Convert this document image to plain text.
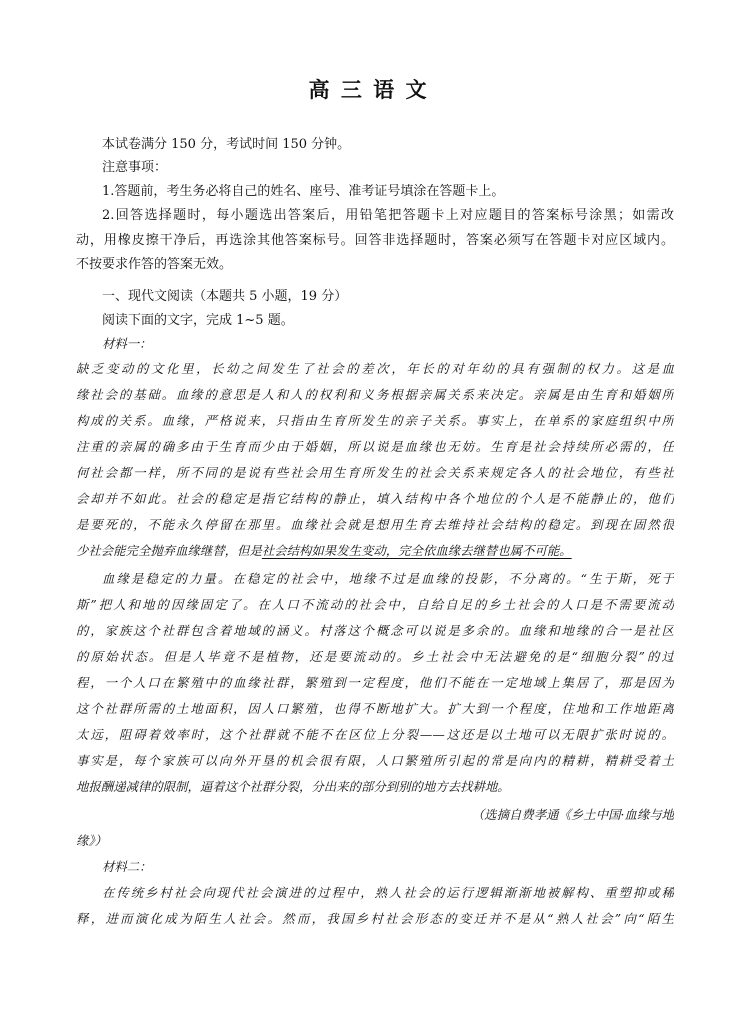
高 三 语 文
本试卷满分 150 分，考试时间 150 分钟。
注意事项：
1.答题前，考生务必将自己的姓名、座号、准考证号填涂在答题卡上。
2.回答选择题时，每小题选出答案后，用铅笔把答题卡上对应题目的答案标号涂黑；如需改
动，用橡皮擦干净后，再选涂其他答案标号。回答非选择题时，答案必须写在答题卡对应区域内。
不按要求作答的答案无效。
一、现代文阅读（本题共 5 小题，19 分）
阅读下面的文字，完成 1~5 题。
材料一：
缺乏变动的文化里，长幼之间发生了社会的差次，年长的对年幼的具有强制的权力。这是血
缘社会的基础。血缘的意思是人和人的权利和义务根据亲属关系来决定。亲属是由生育和婚姻所
构成的关系。血缘，严格说来，只指由生育所发生的亲子关系。事实上，在单系的家庭组织中所
注重的亲属的确多由于生育而少由于婚姻，所以说是血缘也无妨。生育是社会持续所必需的，任
何社会都一样，所不同的是说有些社会用生育所发生的社会关系来规定各人的社会地位，有些社
会却并不如此。社会的稳定是指它结构的静止，填入结构中各个地位的个人是不能静止的，他们
是要死的，不能永久停留在那里。血缘社会就是想用生育去维持社会结构的稳定。到现在固然很
少社会能完全抛弃血缘继替，但是社会结构如果发生变动，完全依血缘去继替也属不可能。
血缘是稳定的力量。在稳定的社会中，地缘不过是血缘的投影，不分离的。“生于斯，死于
斯”把人和地的因缘固定了。在人口不流动的社会中，自给自足的乡土社会的人口是不需要流动
的，家族这个社群包含着地域的涵义。村落这个概念可以说是多余的。血缘和地缘的合一是社区
的原始状态。但是人毕竟不是植物，还是要流动的。乡土社会中无法避免的是“细胞分裂”的过
程，一个人口在繁殖中的血缘社群，繁殖到一定程度，他们不能在一定地域上集居了，那是因为
这个社群所需的土地面积，因人口繁殖，也得不断地扩大。扩大到一个程度，住地和工作地距离
太远，阻碍着效率时，这个社群就不能不在区位上分裂——这还是以土地可以无限扩张时说的。
事实是，每个家族可以向外开垦的机会很有限，人口繁殖所引起的常是向内的精耕，精耕受着土
地报酬递减律的限制，逼着这个社群分裂，分出来的部分到别的地方去找耕地。
（选摘自费孝通《乡土中国·血缘与地
缘》）
材料二：
在传统乡村社会向现代社会演进的过程中，熟人社会的运行逻辑渐渐地被解构、重塑抑或稀
释，进而演化成为陌生人社会。然而，我国乡村社会形态的变迁并不是从“熟人社会”向“陌生
